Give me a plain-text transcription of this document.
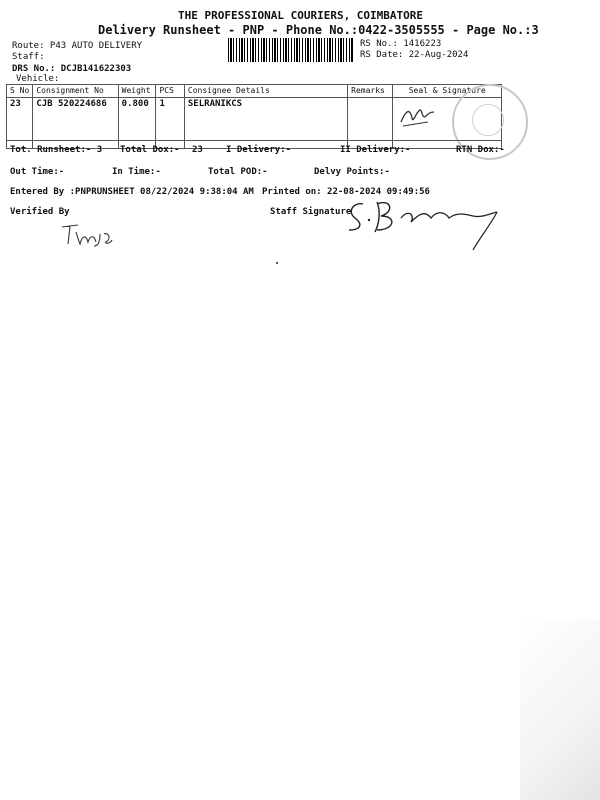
THE PROFESSIONAL COURIERS, COIMBATORE
Delivery Runsheet - PNP - Phone No.:0422-3505555 - Page No.:3
Route: P43 AUTO DELIVERY
Staff:
DRS No.: DCJB141622303
Vehicle:
RS No.: 1416223
RS Date: 22-Aug-2024
S No	Consignment No	Weight	PCS	Consignee Details	Remarks	Seal & Signature
23	CJB 520224686	0.800	1	SELRANIKCS		
Tot. Runsheet:- 3 Total Dox:- 23	I Delivery:-	II Delivery:-	RTN Dox:-
Out Time:-	In Time:-	Total POD:-	Delvy Points:-
Entered By :PNPRUNSHEET 08/22/2024 9:38:04 AM Printed on: 22-08-2024 09:49:56
Verified By	Staff Signature
